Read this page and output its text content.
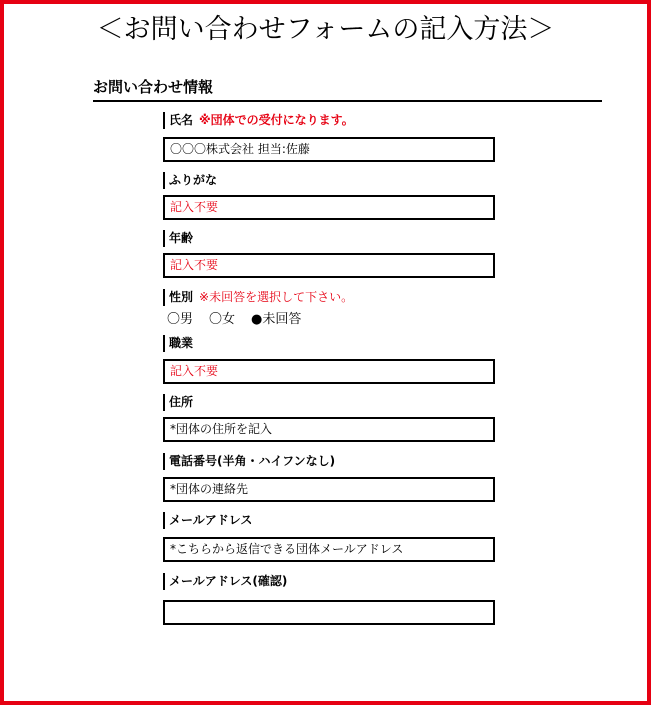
＜お問い合わせフォームの記入方法＞
お問い合わせ情報
氏名 ※団体での受付になります。
〇〇〇株式会社 担当:佐藤
ふりがな
記入不要
年齢
記入不要
性別 ※未回答を選択して下さい。
〇男 〇女 ●未回答
職業
記入不要
住所
*団体の住所を記入
電話番号(半角・ハイフンなし)
*団体の連絡先
メールアドレス
*こちらから返信できる団体メールアドレス
メールアドレス(確認)
